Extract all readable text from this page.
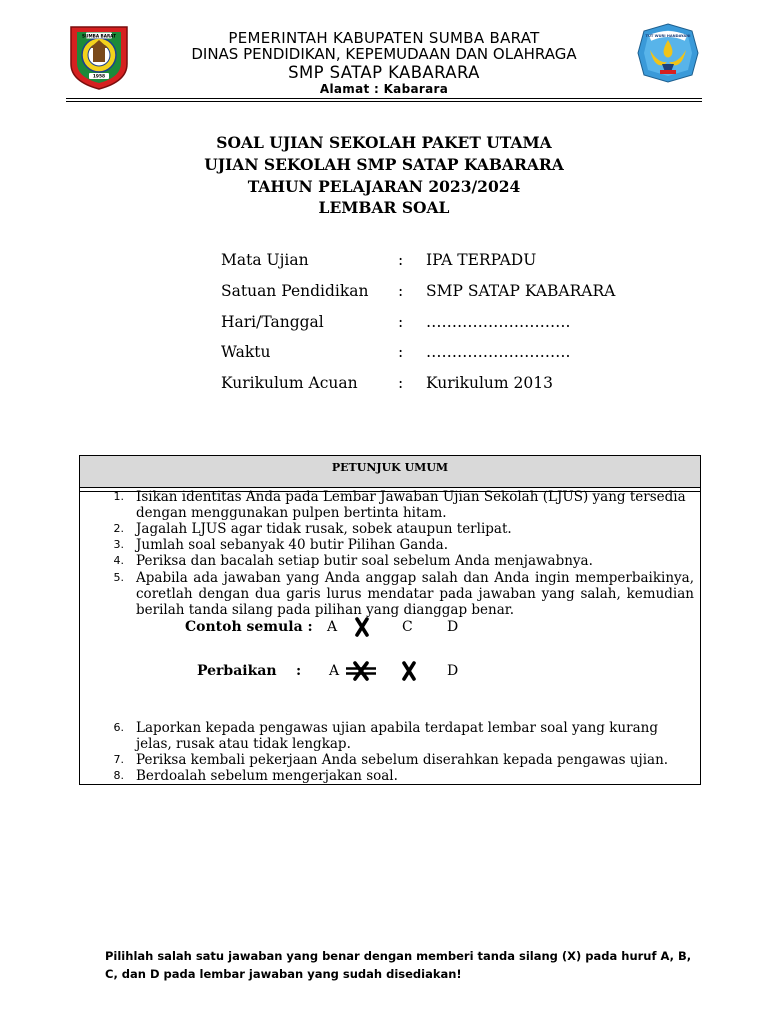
SUMBA BARAT
1958
TUT WURI HANDAYANI
PEMERINTAH KABUPATEN SUMBA BARAT
DINAS PENDIDIKAN, KEPEMUDAAN DAN OLAHRAGA
SMP SATAP KABARARA
Alamat : Kabarara
SOAL UJIAN SEKOLAH PAKET UTAMA
UJIAN SEKOLAH SMP SATAP KABARARA
TAHUN PELAJARAN 2023/2024
LEMBAR SOAL
Mata Ujian	: IPA TERPADU
Satuan Pendidikan : SMP SATAP KABARARA
Hari/Tanggal	: ……………………….
Waktu	: ……………………….
Kurikulum Acuan	: Kurikulum 2013
PETUNJUK UMUM
1. Isikan identitas Anda pada Lembar Jawaban Ujian Sekolah (LJUS) yang tersedia dengan menggunakan pulpen bertinta hitam.
2. Jagalah LJUS agar tidak rusak, sobek ataupun terlipat.
3. Jumlah soal sebanyak 40 butir Pilihan Ganda.
4. Periksa dan bacalah setiap butir soal sebelum Anda menjawabnya.
5. Apabila ada jawaban yang Anda anggap salah dan Anda ingin memperbaikinya, coretlah dengan dua garis lurus mendatar pada jawaban yang salah, kemudian berilah tanda silang pada pilihan yang dianggap benar.
Contoh semula : A	C D
Perbaikan : A	D
6. Laporkan kepada pengawas ujian apabila terdapat lembar soal yang kurang jelas, rusak atau tidak lengkap.
7. Periksa kembali pekerjaan Anda sebelum diserahkan kepada pengawas ujian.
8. Berdoalah sebelum mengerjakan soal.
Pilihlah salah satu jawaban yang benar dengan memberi tanda silang (X) pada huruf A, B, C, dan D pada lembar jawaban yang sudah disediakan!
